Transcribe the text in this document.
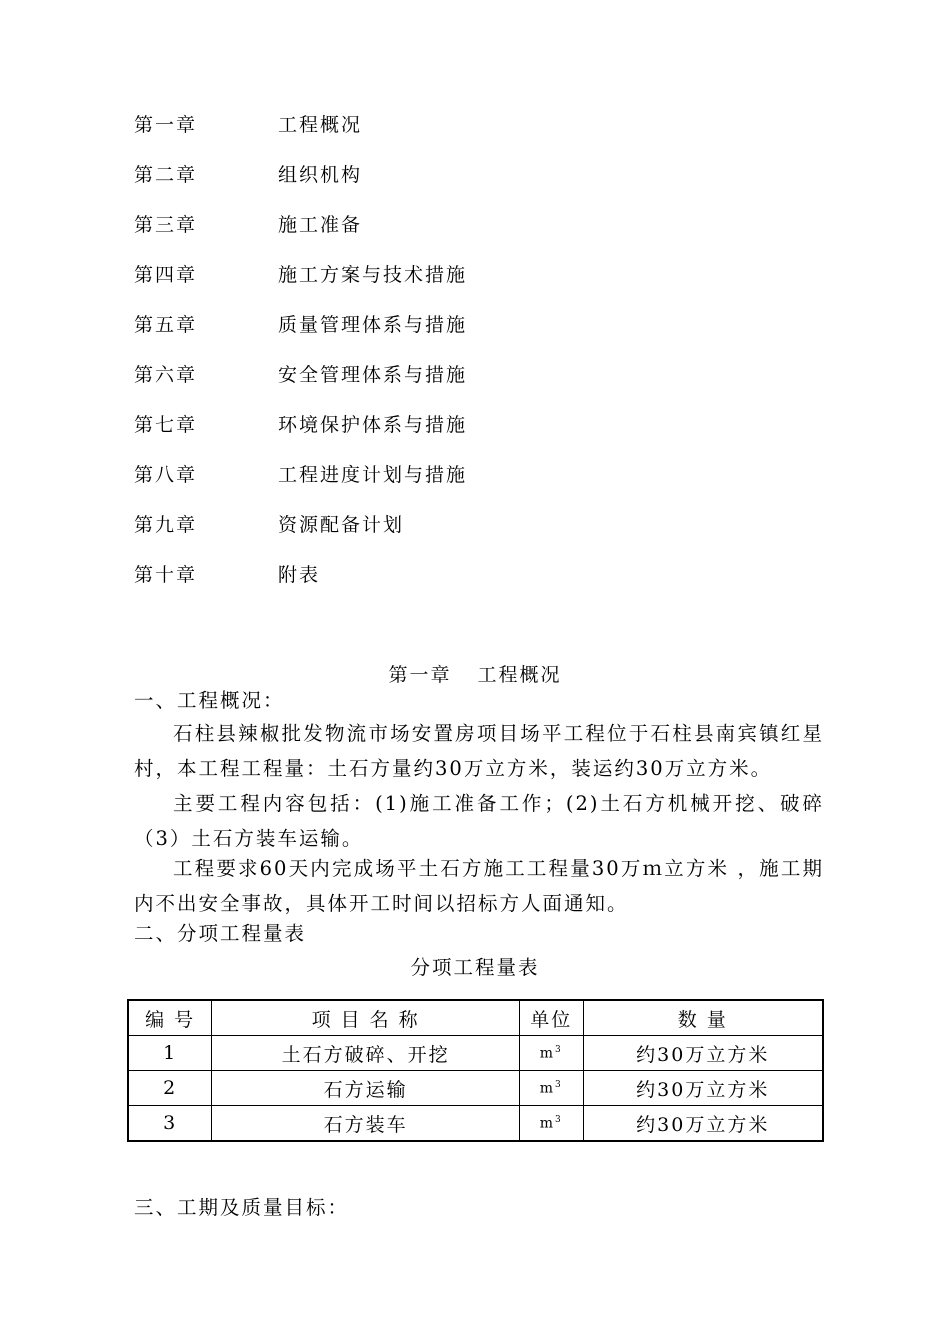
第一章	工程概况
第二章	组织机构
第三章	施工准备
第四章	施工方案与技术措施
第五章	质量管理体系与措施
第六章	安全管理体系与措施
第七章	环境保护体系与措施
第八章	工程进度计划与措施
第九章	资源配备计划
第十章	附表
第一章 工程概况

一、工程概况：

石柱县辣椒批发物流市场安置房项目场平工程位于石柱县南宾镇红星村，本工程工程量：土石方量约30万立方米，装运约30万立方米。

主要工程内容包括：(1)施工准备工作；(2)土石方机械开挖、破碎（3）土石方装车运输。

工程要求60天内完成场平土石方施工工程量30万ｍ立方米 ，施工期内不出安全事故，具体开工时间以招标方人面通知。

二、分项工程量表

分项工程量表
编 号	项 目 名 称	单位	数 量
1	土石方破碎、开挖	$m^3$	约30万立方米
2	石方运输	$m^3$	约30万立方米
3	石方装车	$m^3$	约30万立方米

三、工期及质量目标：
